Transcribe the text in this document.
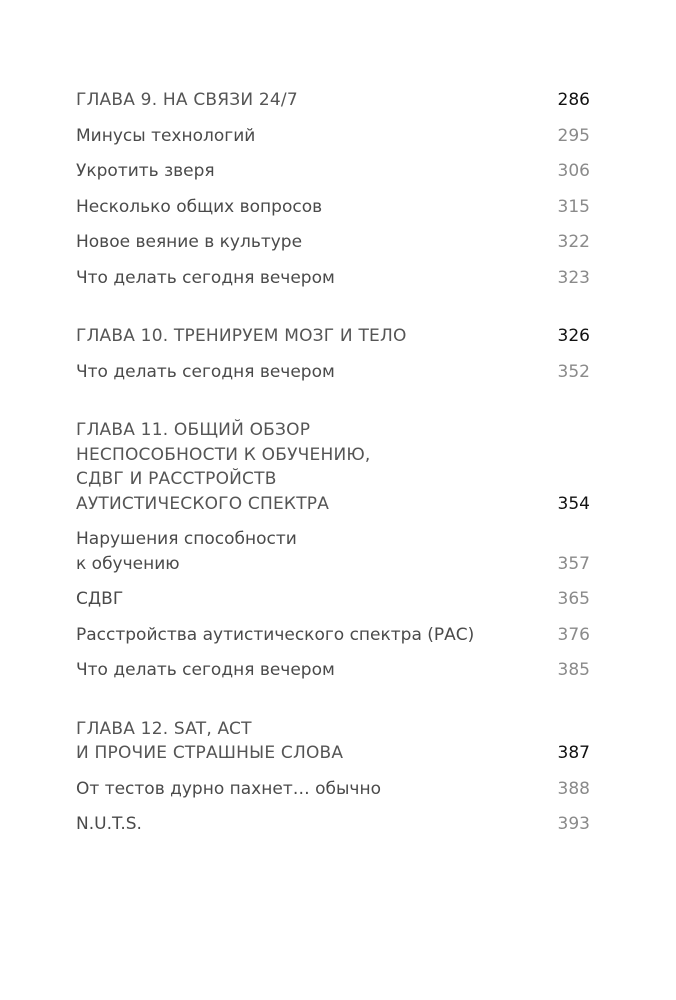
ГЛАВА 9. НА СВЯЗИ 24/7	286
Минусы технологий	295
Укротить зверя	306
Несколько общих вопросов	315
Новое веяние в культуре	322
Что делать сегодня вечером	323
ГЛАВА 10. ТРЕНИРУЕМ МОЗГ И ТЕЛО	326
Что делать сегодня вечером	352
ГЛАВА 11. ОБЩИЙ ОБЗОР
НЕСПОСОБНОСТИ К ОБУЧЕНИЮ,
СДВГ И РАССТРОЙСТВ
АУТИСТИЧЕСКОГО СПЕКТРА	354
Нарушения способности
к обучению	357
СДВГ	365
Расстройства аутистического спектра (РАС)	376
Что делать сегодня вечером	385
ГЛАВА 12. SAT, ACT
И ПРОЧИЕ СТРАШНЫЕ СЛОВА	387
От тестов дурно пахнет… обычно	388
N.U.T.S.	393
